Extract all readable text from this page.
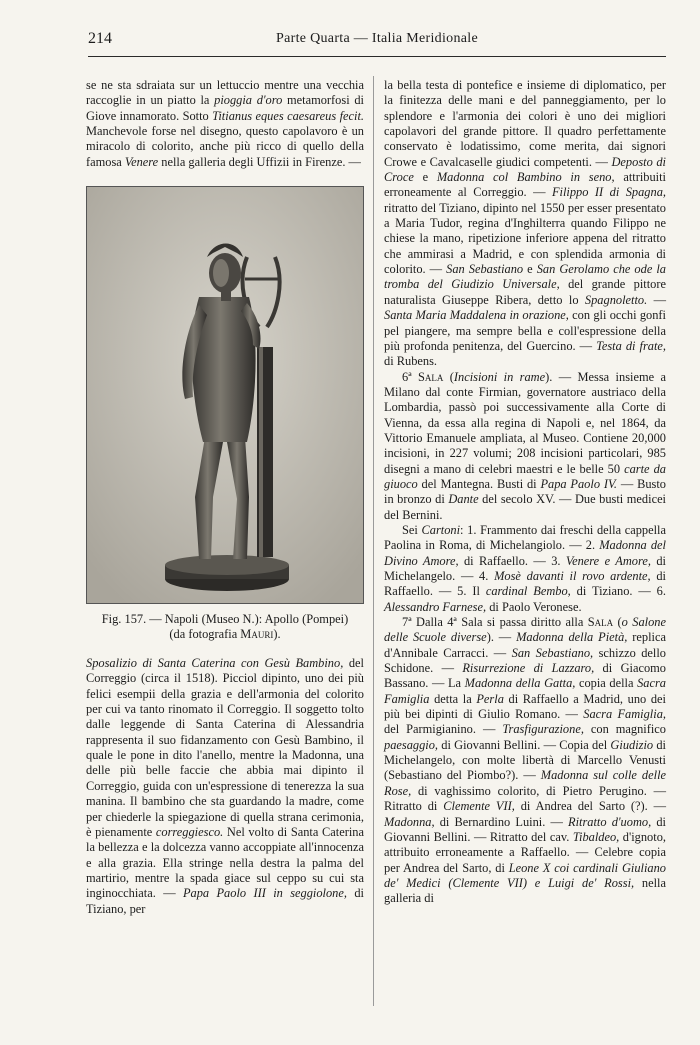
214	Parte Quarta — Italia Meridionale

se ne sta sdraiata sur un lettuccio mentre una vecchia raccoglie in un piatto la pioggia d'oro metamorfosi di Giove innamorato. Sotto Titianus eques caesareus fecit. Manchevole forse nel disegno, questo capolavoro è un miracolo di colorito, anche più ricco di quello della famosa Venere nella galleria degli Uffizii in Firenze. —

Fig. 157. — Napoli (Museo N.): Apollo (Pompei)
(da fotografia Mauri).

Sposalizio di Santa Caterina con Gesù Bambino, del Correggio (circa il 1518). Picciol dipinto, uno dei più felici esempii della grazia e dell'armonia del colorito per cui va tanto rinomato il Correggio. Il soggetto tolto dalle leggende di Santa Caterina di Alessandria rappresenta il suo fidanzamento con Gesù Bambino, il quale le pone in dito l'anello, mentre la Madonna, una delle più belle faccie che abbia mai dipinto il Correggio, guida con un'espressione di tenerezza la sua manina. Il bambino che sta guardando la madre, come per chiederle la spiegazione di quella strana cerimonia, è pienamente correggiesco. Nel volto di Santa Caterina la bellezza e la dolcezza vanno accoppiate all'innocenza e alla grazia. Ella stringe nella destra la palma del martirio, mentre la spada giace sul ceppo su cui sta inginocchiata. — Papa Paolo III in seggiolone, di Tiziano, per

la bella testa di pontefice e insieme di diplomatico, per la finitezza delle mani e del panneggiamento, per lo splendore e l'armonia dei colori è uno dei migliori capolavori del grande pittore. Il quadro perfettamente conservato è lodatissimo, come merita, dai signori Crowe e Cavalcaselle giudici competenti. — Deposto di Croce e Madonna col Bambino in seno, attribuiti erroneamente al Correggio. — Filippo II di Spagna, ritratto del Tiziano, dipinto nel 1550 per esser presentato a Maria Tudor, regina d'Inghilterra quando Filippo ne chiese la mano, ripetizione inferiore appena del ritratto che ammirasi a Madrid, e con splendida armonia di colorito. — San Sebastiano e San Gerolamo che ode la tromba del Giudizio Universale, del grande pittore naturalista Giuseppe Ribera, detto lo Spagnoletto. — Santa Maria Maddalena in orazione, con gli occhi gonfi pel piangere, ma sempre bella e coll'espressione della più profonda penitenza, del Guercino. — Testa di frate, di Rubens.

6ª Sala (Incisioni in rame). — Messa insieme a Milano dal conte Firmian, governatore austriaco della Lombardia, passò poi successivamente alla Corte di Vienna, da essa alla regina di Napoli e, nel 1864, da Vittorio Emanuele ampliata, al Museo. Contiene 20,000 incisioni, in 227 volumi; 208 incisioni particolari, 985 disegni a mano di celebri maestri e le belle 50 carte da giuoco del Mantegna. Busti di Papa Paolo IV. — Busto in bronzo di Dante del secolo XV. — Due busti medicei del Bernini.

Sei Cartoni: 1. Frammento dai freschi della cappella Paolina in Roma, di Michelangiolo. — 2. Madonna del Divino Amore, di Raffaello. — 3. Venere e Amore, di Michelangelo. — 4. Mosè davanti il rovo ardente, di Raffaello. — 5. Il cardinal Bembo, di Tiziano. — 6. Alessandro Farnese, di Paolo Veronese.

7ª Dalla 4ª Sala si passa diritto alla Sala (o Salone delle Scuole diverse). — Madonna della Pietà, replica d'Annibale Carracci. — San Sebastiano, schizzo dello Schidone. — Risurrezione di Lazzaro, di Giacomo Bassano. — La Madonna della Gatta, copia della Sacra Famiglia detta la Perla di Raffaello a Madrid, uno dei più bei dipinti di Giulio Romano. — Sacra Famiglia, del Parmigianino. — Trasfigurazione, con magnifico paesaggio, di Giovanni Bellini. — Copia del Giudizio di Michelangelo, con molte libertà di Marcello Venusti (Sebastiano del Piombo?). — Madonna sul colle delle Rose, di vaghissimo colorito, di Pietro Perugino. — Ritratto di Clemente VII, di Andrea del Sarto (?). — Madonna, di Bernardino Luini. — Ritratto d'uomo, di Giovanni Bellini. — Ritratto del cav. Tibaldeo, d'ignoto, attribuito erroneamente a Raffaello. — Celebre copia per Andrea del Sarto, di Leone X coi cardinali Giuliano de' Medici (Clemente VII) e Luigi de' Rossi, nella galleria di
